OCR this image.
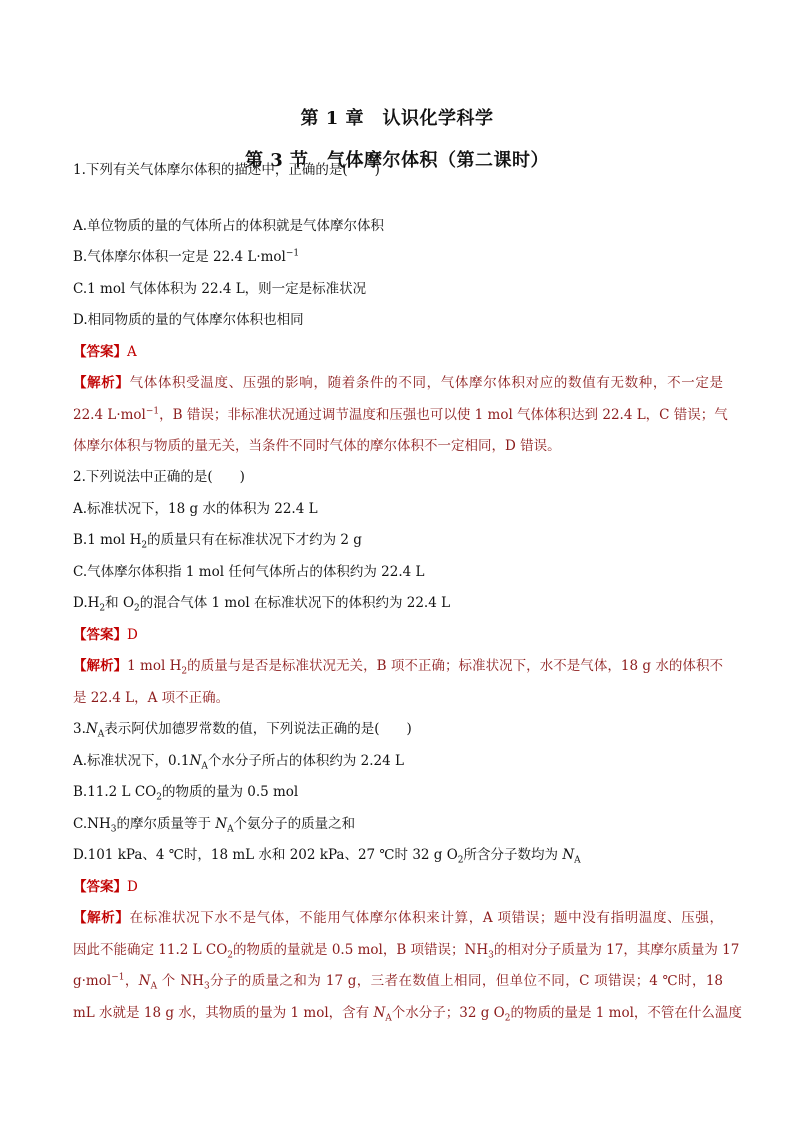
第 1 章　认识化学科学
第 3 节　气体摩尔体积（第二课时）
1.下列有关气体摩尔体积的描述中，正确的是(　　)
A.单位物质的量的气体所占的体积就是气体摩尔体积
B.气体摩尔体积一定是 22.4 L·mol$^{-1}$
C.1 mol 气体体积为 22.4 L，则一定是标准状况
D.相同物质的量的气体摩尔体积也相同
【答案】A
【解析】气体体积受温度、压强的影响，随着条件的不同，气体摩尔体积对应的数值有无数种，不一定是
22.4 L·mol$^{-1}$，B 错误；非标准状况通过调节温度和压强也可以使 1 mol 气体体积达到 22.4 L，C 错误；气
体摩尔体积与物质的量无关，当条件不同时气体的摩尔体积不一定相同，D 错误。
2.下列说法中正确的是(　　)
A.标准状况下，18 g 水的体积为 22.4 L
B.1 mol $H_2$的质量只有在标准状况下才约为 2 g
C.气体摩尔体积指 1 mol 任何气体所占的体积约为 22.4 L
$D.H_2$和 $O_2$的混合气体 1 mol 在标准状况下的体积约为 22.4 L
【答案】D
【解析】1 mol $H_2$的质量与是否是标准状况无关，B 项不正确；标准状况下，水不是气体，18 g 水的体积不
是 22.4 L，A 项不正确。
$3.N_A$表示阿伏加德罗常数的值，下列说法正确的是(　　)
A.标准状况下，$0.1N_A$个水分子所占的体积约为 2.24 L
B.11.2 L $CO_2$的物质的量为 0.5 mol
$C.NH_3$的摩尔质量等于 $N_A$个氨分子的质量之和
D.101 kPa、4 ℃时，18 mL 水和 202 kPa、27 ℃时 32 g $O_2$所含分子数均为 $N_A$
【答案】D
【解析】在标准状况下水不是气体，不能用气体摩尔体积来计算，A 项错误；题中没有指明温度、压强，
因此不能确定 11.2 L $CO_2$的物质的量就是 0.5 mol，B 项错误；$NH_3$的相对分子质量为 17，其摩尔质量为 17
g·mol$^{-1}$，$N_A$ 个 $NH_3$分子的质量之和为 17 g，三者在数值上相同，但单位不同，C 项错误；4 ℃时，18
mL 水就是 18 g 水，其物质的量为 1 mol，含有 $N_A$个水分子；32 g $O_2$的物质的量是 1 mol，不管在什么温度
